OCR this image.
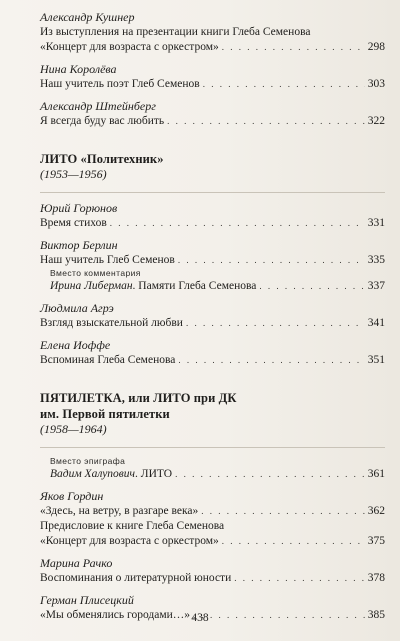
Александр Кушнер
Из выступления на презентации книги Глеба Семенова
«Концерт для возраста с оркестром» . . .	298
Нина Королёва
Наш учитель поэт Глеб Семенов . . .	303
Александр Штейнберг
Я всегда буду вас любить . . .	322
ЛИТО «Политехник»
(1953—1956)
Юрий Горюнов
Время стихов . . .	331
Виктор Берлин
Наш учитель Глеб Семенов . . .	335
Вместо комментария
Ирина Либерман. Памяти Глеба Семенова . . .	337
Людмила Агрэ
Взгляд взыскательной любви . . .	341
Елена Иоффе
Вспоминая Глеба Семенова . . .	351
ПЯТИЛЕТКА, или ЛИТО при ДК
им. Первой пятилетки
(1958—1964)
Вместо эпиграфа
Вадим Халупович. ЛИТО . . .	361
Яков Гордин
«Здесь, на ветру, в разгаре века» . . .	362
Предисловие к книге Глеба Семенова
«Концерт для возраста с оркестром» . . .	375
Марина Рачко
Воспоминания о литературной юности . . .	378
Герман Плисецкий
«Мы обменялись городами…» . . .	385
438
